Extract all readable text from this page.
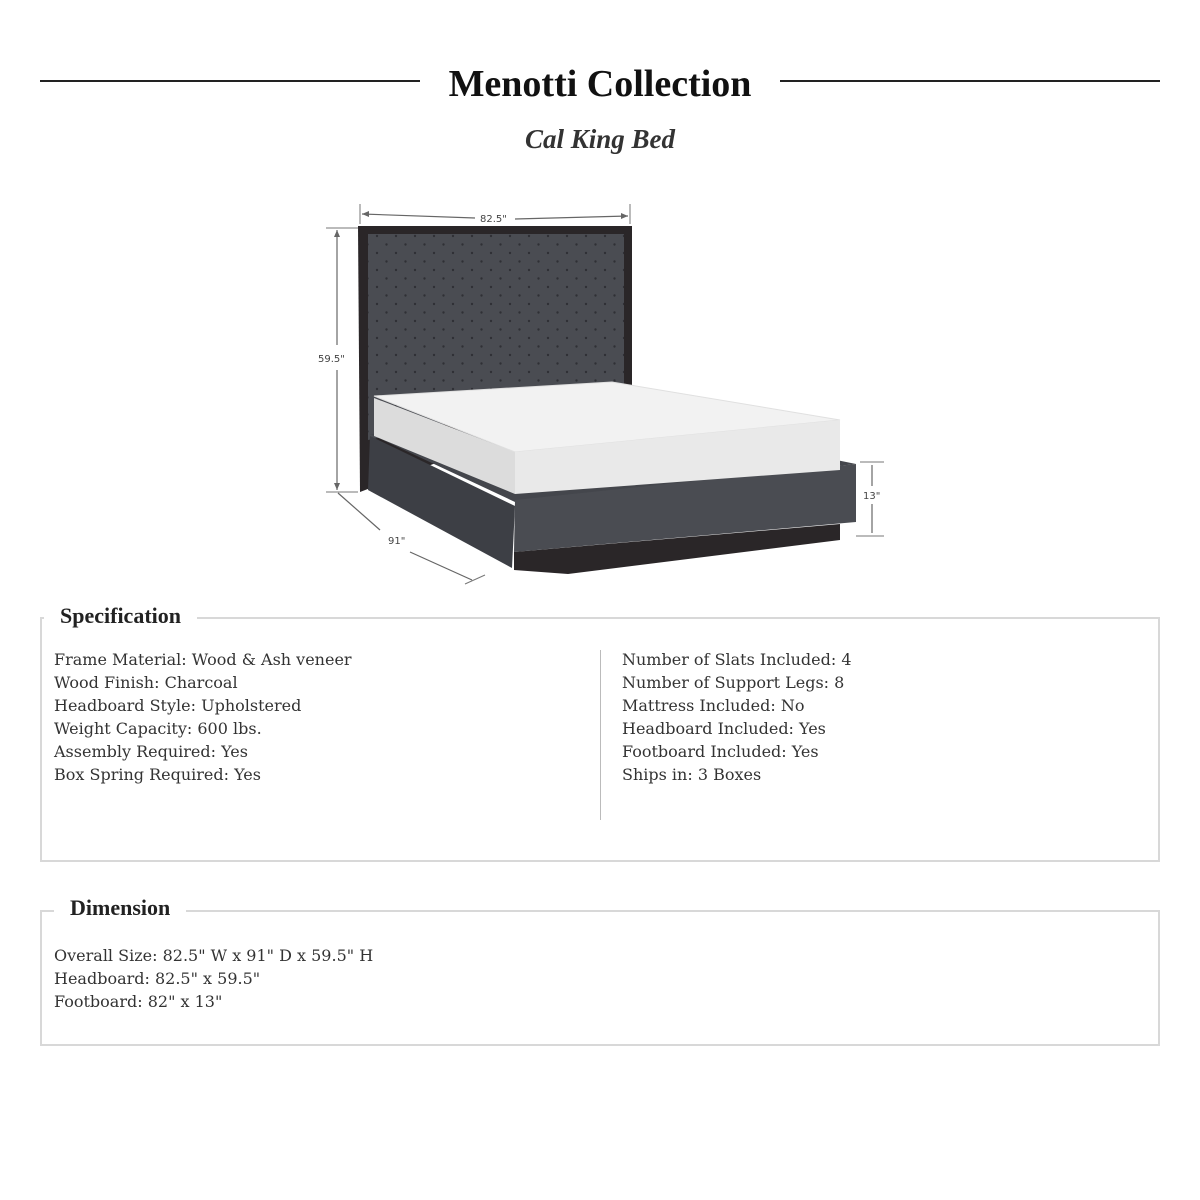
Menotti Collection
Cal King Bed
82.5"
59.5"
91"
13"
Specification
Frame Material: Wood & Ash veneer
Wood Finish: Charcoal
Headboard Style: Upholstered
Weight Capacity: 600 lbs.
Assembly Required: Yes
Box Spring Required: Yes
Number of Slats Included: 4
Number of Support Legs: 8
Mattress Included: No
Headboard Included: Yes
Footboard Included: Yes
Ships in: 3 Boxes
Dimension
Overall Size: 82.5" W x 91" D x 59.5" H
Headboard: 82.5" x 59.5"
Footboard: 82" x 13"
